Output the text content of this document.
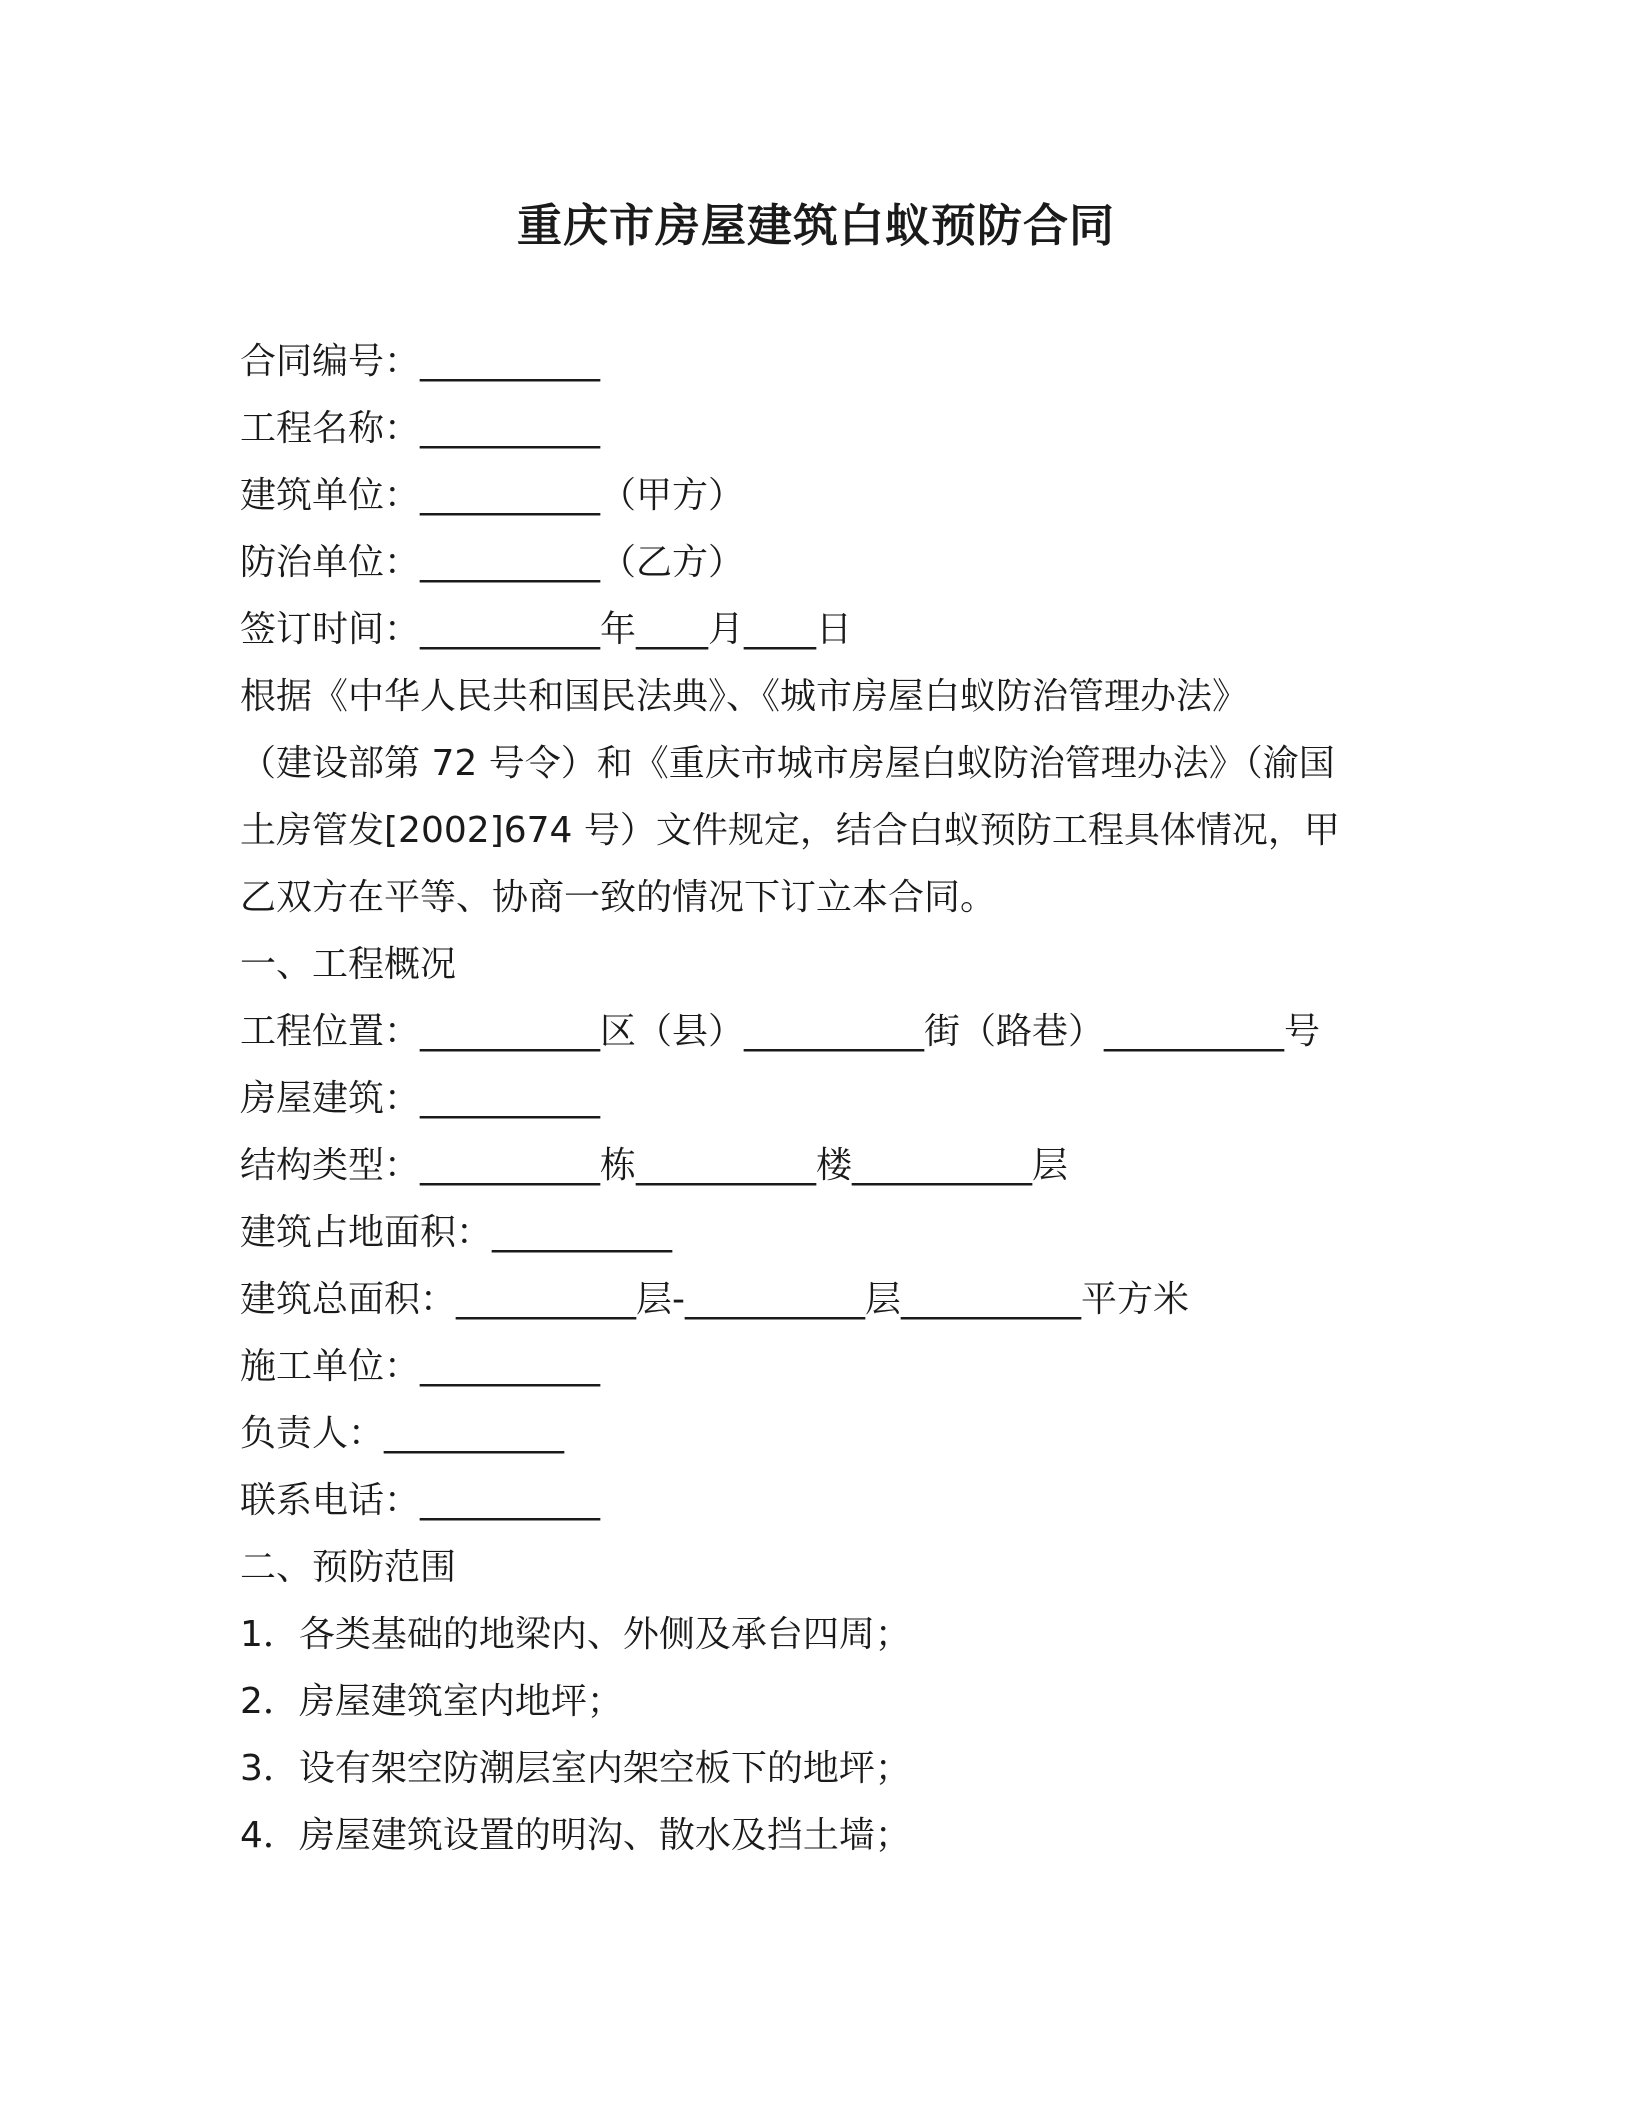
重庆市房屋建筑白蚁预防合同
合同编号：__________
工程名称：__________
建筑单位：__________（甲方）
防治单位：__________（乙方）
签订时间：__________年____月____日
根据《中华人民共和国民法典》、《城市房屋白蚁防治管理办法》
（建设部第 72 号令）和《重庆市城市房屋白蚁防治管理办法》（渝国
土房管发[2002]674 号）文件规定，结合白蚁预防工程具体情况，甲
乙双方在平等、协商一致的情况下订立本合同。
一、工程概况
工程位置：__________区（县）__________街（路巷）__________号
房屋建筑：__________
结构类型：__________栋__________楼__________层
建筑占地面积：__________
建筑总面积：__________层-__________层__________平方米
施工单位：__________
负责人：__________
联系电话：__________
二、预防范围
1．各类基础的地梁内、外侧及承台四周；
2．房屋建筑室内地坪；
3．设有架空防潮层室内架空板下的地坪；
4．房屋建筑设置的明沟、散水及挡土墙；
